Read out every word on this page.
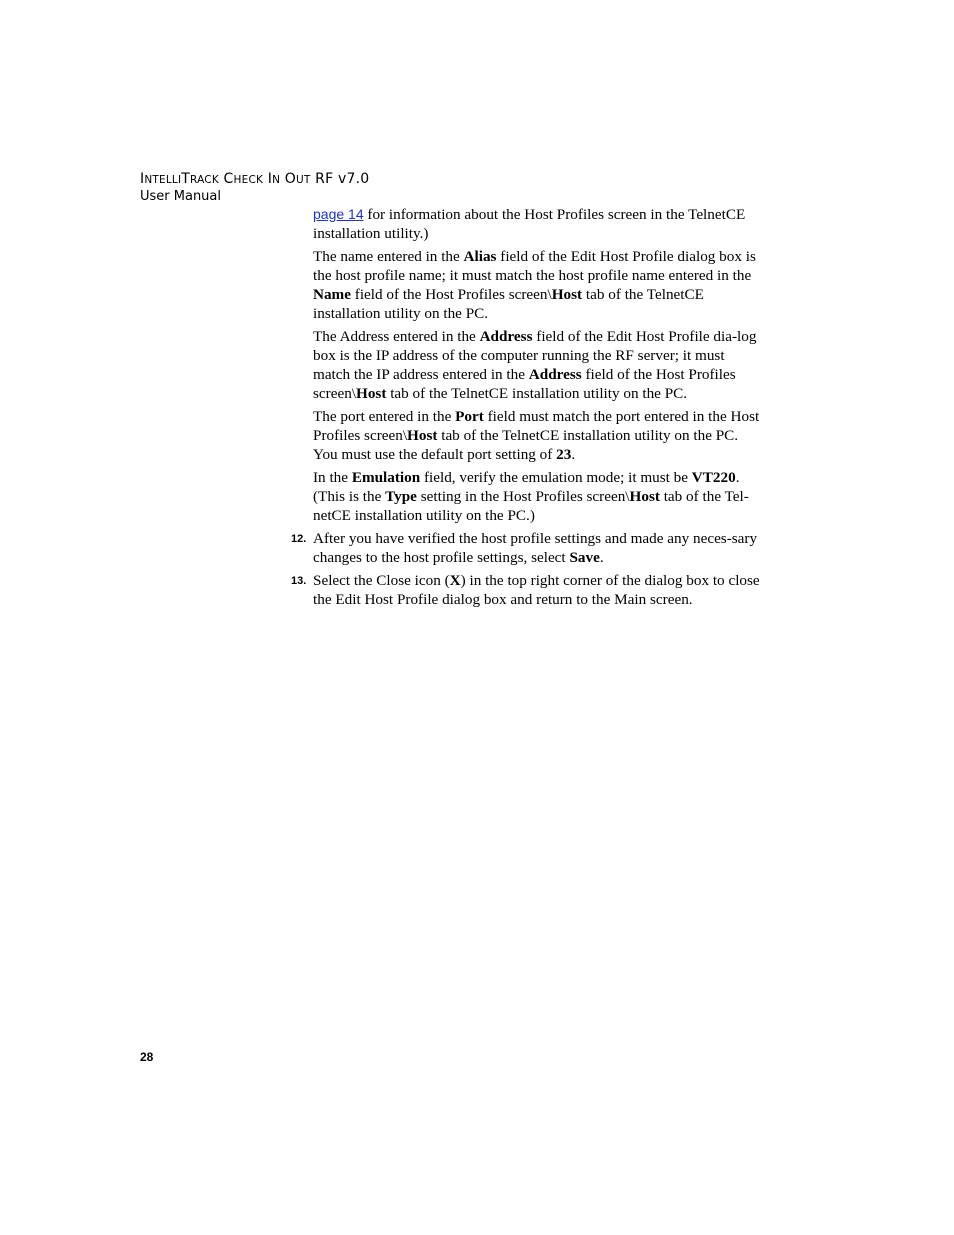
INTELLITRACK CHECK IN OUT RF v7.0
User Manual

page 14 for information about the Host Profiles screen in the TelnetCE installation utility.)

The name entered in the Alias field of the Edit Host Profile dialog box is the host profile name; it must match the host profile name entered in the Name field of the Host Profiles screen\Host tab of the TelnetCE installation utility on the PC.

The Address entered in the Address field of the Edit Host Profile dia-log box is the IP address of the computer running the RF server; it must match the IP address entered in the Address field of the Host Profiles screen\Host tab of the TelnetCE installation utility on the PC.

The port entered in the Port field must match the port entered in the Host Profiles screen\Host tab of the TelnetCE installation utility on the PC. You must use the default port setting of 23.

In the Emulation field, verify the emulation mode; it must be VT220. (This is the Type setting in the Host Profiles screen\Host tab of the Tel-netCE installation utility on the PC.)

12. After you have verified the host profile settings and made any neces-sary changes to the host profile settings, select Save.
13. Select the Close icon (X) in the top right corner of the dialog box to close the Edit Host Profile dialog box and return to the Main screen.
28
